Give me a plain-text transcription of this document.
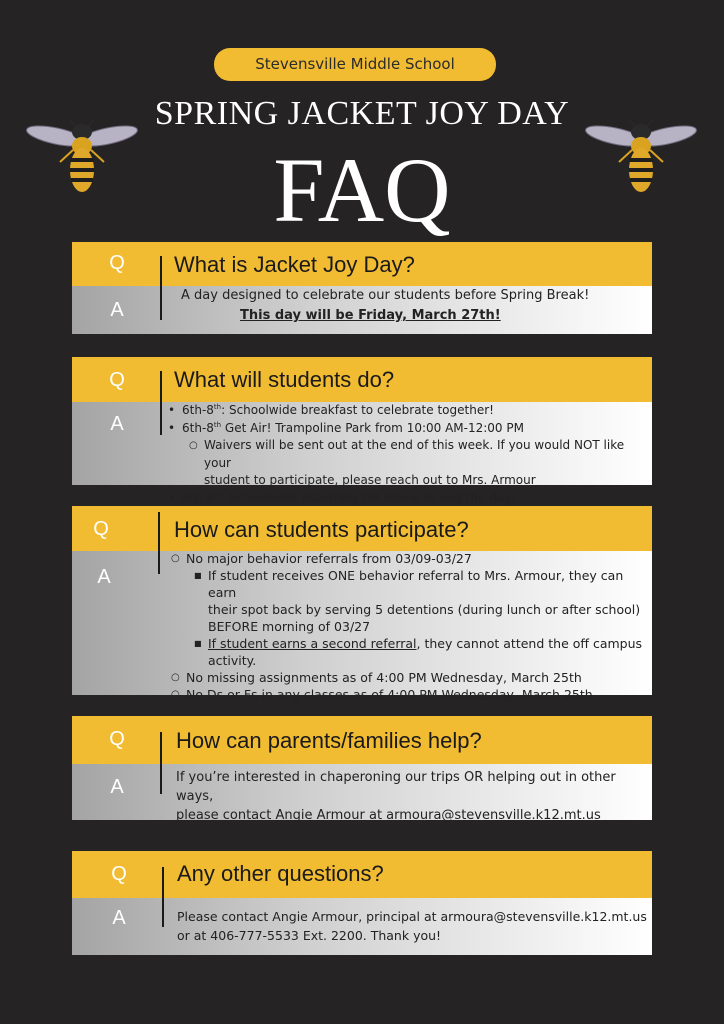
Stevensville Middle School
SPRING JACKET JOY DAY
FAQ
Q
A
What is Jacket Joy Day?
A day designed to celebrate our students before Spring Break!
This day will be Friday, March 27th!
Q
A
What will students do?
• 6th-8th: Schoolwide breakfast to celebrate together!
• 6th-8th Get Air! Trampoline Park from 10:00 AM-12:00 PM
○ Waivers will be sent out at the end of this week. If you would NOT like your
student to participate, please reach out to Mrs. Armour
• 6th-8th: Schoolwide Assembly OR Movie to end the day!
Q
A
How can students participate?
○ No major behavior referrals from 03/09-03/27
■ If student receives ONE behavior referral to Mrs. Armour, they can earn
their spot back by serving 5 detentions (during lunch or after school)
BEFORE morning of 03/27
■ If student earns a second referral, they cannot attend the off campus
activity.
○ No missing assignments as of 4:00 PM Wednesday, March 25th
○ No Ds or Fs in any classes as of 4:00 PM Wednesday, March 25th
Q
A
How can parents/families help?
If you’re interested in chaperoning our trips OR helping out in other ways,
please contact Angie Armour at armoura@stevensville.k12.mt.us
Q
A
Any other questions?
Please contact Angie Armour, principal at armoura@stevensville.k12.mt.us
or at 406-777-5533 Ext. 2200. Thank you!
